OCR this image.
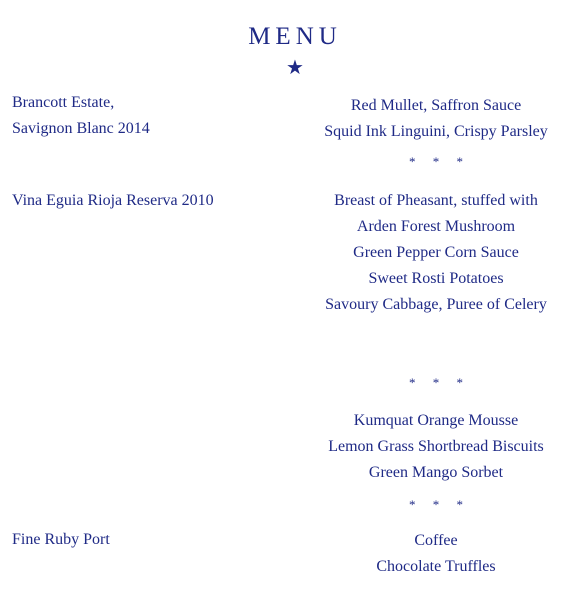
MENU
★
Brancott Estate,
Savignon Blanc 2014
Vina Eguia Rioja Reserva 2010
Fine Ruby Port
Red Mullet, Saffron Sauce
Squid Ink Linguini, Crispy Parsley
* * *
Breast of Pheasant, stuffed with
Arden Forest Mushroom
Green Pepper Corn Sauce
Sweet Rosti Potatoes
Savoury Cabbage, Puree of Celery
* * *
Kumquat Orange Mousse
Lemon Grass Shortbread Biscuits
Green Mango Sorbet
* * *
Coffee
Chocolate Truffles
